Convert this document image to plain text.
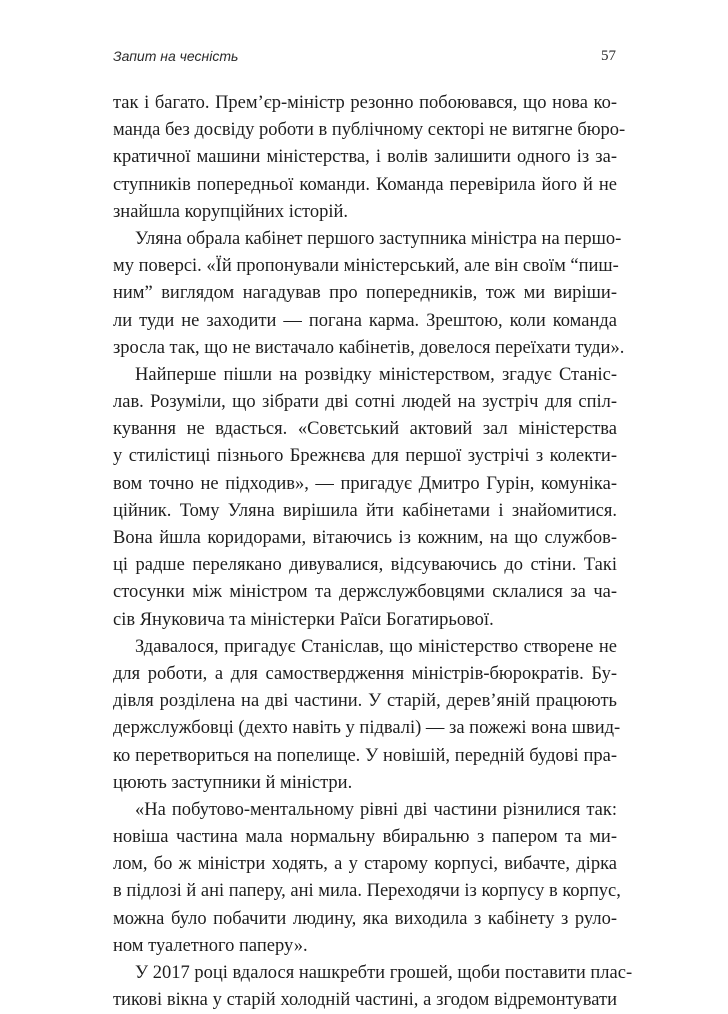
Запит на чесність	57
так і багато. Прем’єр-міністр резонно побоювався, що нова ко-
манда без досвіду роботи в публічному секторі не витягне бюро-
кратичної машини міністерства, і волів залишити одного із за-
ступників попередньої команди. Команда перевірила його й не
знайшла корупційних історій.
Уляна обрала кабінет першого заступника міністра на першо-
му поверсі. «Їй пропонували міністерський, але він своїм “пиш-
ним” виглядом нагадував про попередників, тож ми виріши-
ли туди не заходити — погана карма. Зрештою, коли команда
зросла так, що не вистачало кабінетів, довелося переїхати туди».
Найперше пішли на розвідку міністерством, згадує Станіс-
лав. Розуміли, що зібрати дві сотні людей на зустріч для спіл-
кування не вдасться. «Совєтський актовий зал міністерства
у стилістиці пізнього Брежнєва для першої зустрічі з колекти-
вом точно не підходив», — пригадує Дмитро Гурін, комуніка-
ційник. Тому Уляна вирішила йти кабінетами і знайомитися.
Вона йшла коридорами, вітаючись із кожним, на що службов-
ці радше перелякано дивувалися, відсуваючись до стіни. Такі
стосунки між міністром та держслужбовцями склалися за ча-
сів Януковича та міністерки Раїси Богатирьової.
Здавалося, пригадує Станіслав, що міністерство створене не
для роботи, а для самоствердження міністрів-бюрократів. Бу-
дівля розділена на дві частини. У старій, дерев’яній працюють
держслужбовці (дехто навіть у підвалі) — за пожежі вона швид-
ко перетвориться на попелище. У новішій, передній будові пра-
цюють заступники й міністри.
«На побутово-ментальному рівні дві частини різнилися так:
новіша частина мала нормальну вбиральню з папером та ми-
лом, бо ж міністри ходять, а у старому корпусі, вибачте, дірка
в підлозі й ані паперу, ані мила. Переходячи із корпусу в корпус,
можна було побачити людину, яка виходила з кабінету з руло-
ном туалетного паперу».
У 2017 році вдалося нашкребти грошей, щоби поставити плас-
тикові вікна у старій холодній частині, а згодом відремонтувати
